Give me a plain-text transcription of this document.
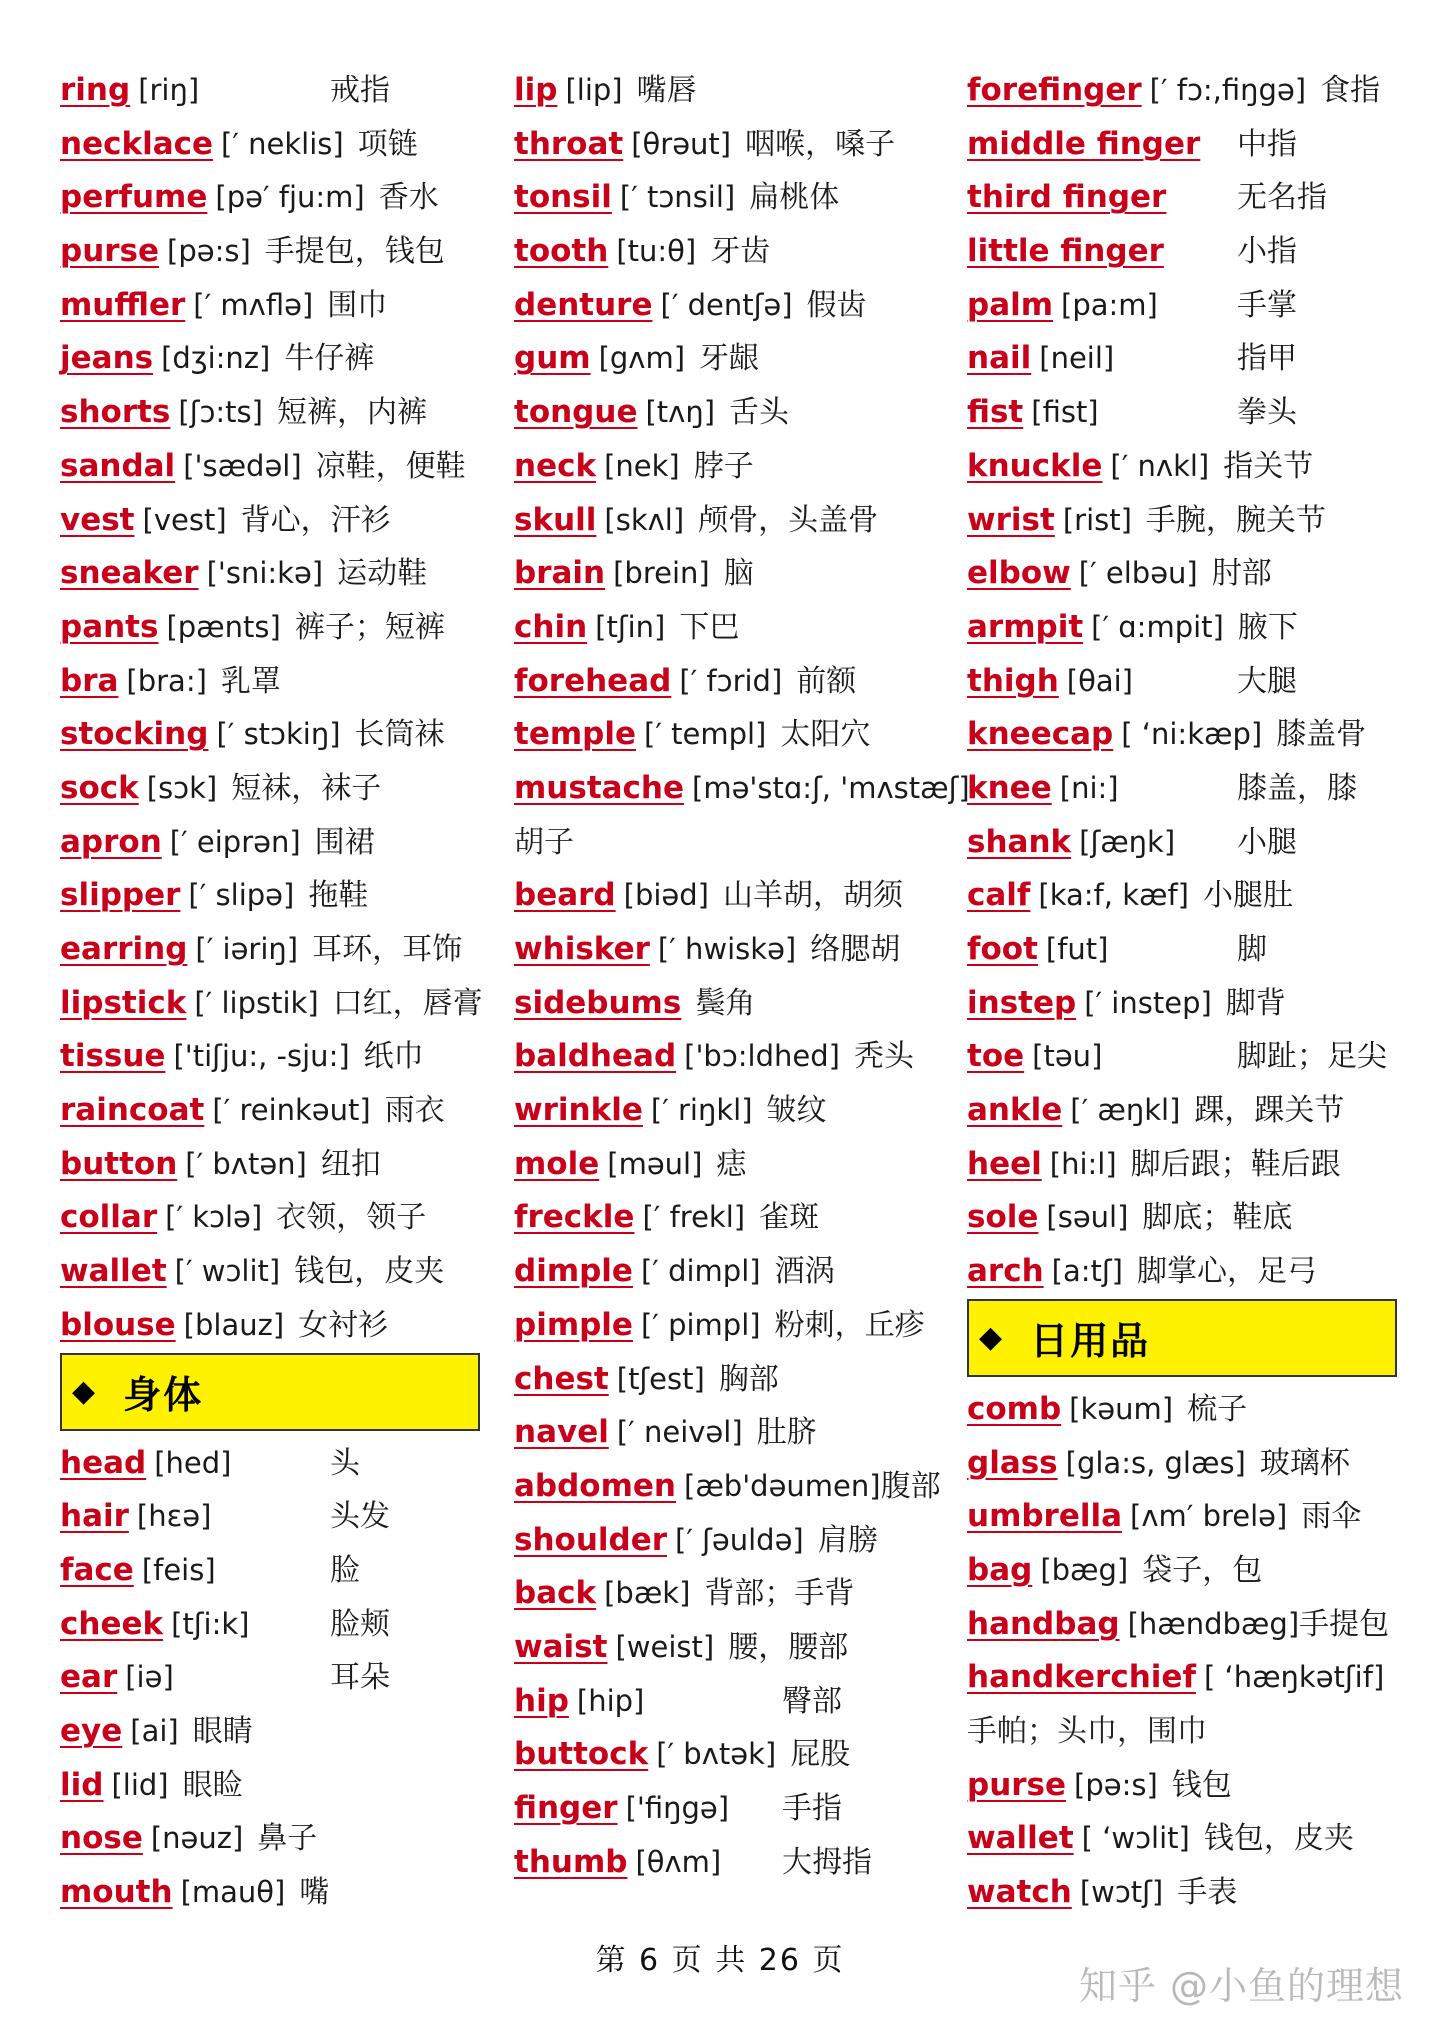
ring [riŋ]	戒指
necklace [′ neklis] 项链
perfume [pə′ fju:m] 香水
purse [pə:s] 手提包，钱包
muffler [′ mʌflə] 围巾
jeans [dʒi:nz] 牛仔裤
shorts [ʃɔ:ts] 短裤，内裤
sandal ['sædəl] 凉鞋，便鞋
vest [vest] 背心，汗衫
sneaker ['sni:kə] 运动鞋
pants [pænts] 裤子；短裤
bra [bra:] 乳罩
stocking [′ stɔkiŋ] 长筒袜
sock [sɔk] 短袜，袜子
apron [′ eiprən] 围裙
slipper [′ slipə] 拖鞋
earring [′ iəriŋ] 耳环，耳饰
lipstick [′ lipstik] 口红，唇膏
tissue ['tiʃju:, -sju:] 纸巾
raincoat [′ reinkəut] 雨衣
button [′ bʌtən] 纽扣
collar [′ kɔlə] 衣领，领子
wallet [′ wɔlit] 钱包，皮夹
blouse [blauz] 女衬衫
◆ 身体
head [hed]	头
hair [hεə]	头发
face [feis]	脸
cheek [tʃi:k]	脸颊
ear [iə]	耳朵
eye [ai] 眼睛
lid [lid] 眼睑
nose [nəuz] 鼻子
mouth [mauθ] 嘴
lip [lip] 嘴唇
throat [θrəut] 咽喉，嗓子
tonsil [′ tɔnsil] 扁桃体
tooth [tu:θ] 牙齿
denture [′ dentʃə] 假齿
gum [gʌm] 牙龈
tongue [tʌŋ] 舌头
neck [nek] 脖子
skull [skʌl] 颅骨，头盖骨
brain [brein] 脑
chin [tʃin] 下巴
forehead [′ fɔrid] 前额
temple [′ templ] 太阳穴
mustache [mə'stɑ:ʃ, 'mʌstæʃ]
胡子
beard [biəd] 山羊胡，胡须
whisker [′ hwiskə] 络腮胡
sidebums 鬓角
baldhead ['bɔ:ldhed] 秃头
wrinkle [′ riŋkl] 皱纹
mole [məul] 痣
freckle [′ frekl] 雀斑
dimple [′ dimpl] 酒涡
pimple [′ pimpl] 粉刺，丘疹
chest [tʃest] 胸部
navel [′ neivəl] 肚脐
abdomen [æb'dəumen]腹部
shoulder [′ ʃəuldə] 肩膀
back [bæk] 背部；手背
waist [weist] 腰，腰部
hip [hip]	臀部
buttock [′ bʌtək] 屁股
finger ['fiŋgə] 手指
thumb [θʌm] 大拇指
forefinger [′ fɔ:,fiŋgə] 食指
middle finger 中指
third finger 无名指
little finger 小指
palm [pa:m]	手掌
nail [neil]	指甲
fist [fist]	拳头
knuckle [′ nʌkl] 指关节
wrist [rist] 手腕，腕关节
elbow [′ elbəu] 肘部
armpit [′ ɑ:mpit] 腋下
thigh [θai]	大腿
kneecap [ ‘ni:kæp] 膝盖骨
knee [ni:]	膝盖，膝
shank [ʃæŋk] 小腿
calf [ka:f, kæf] 小腿肚
foot [fut]	脚
instep [′ instep] 脚背
toe [təu]	脚趾；足尖
ankle [′ æŋkl] 踝，踝关节
heel [hi:l] 脚后跟；鞋后跟
sole [səul] 脚底；鞋底
arch [a:tʃ] 脚掌心，足弓
◆ 日用品
comb [kəum] 梳子
glass [gla:s, glæs] 玻璃杯
umbrella [ʌm′ brelə] 雨伞
bag [bæg] 袋子，包
handbag [hændbæg]手提包
handkerchief [ ‘hæŋkətʃif]
手帕；头巾，围巾
purse [pə:s] 钱包
wallet [ ‘wɔlit] 钱包，皮夹
watch [wɔtʃ] 手表
第 6 页 共 26 页
知乎 @小鱼的理想
